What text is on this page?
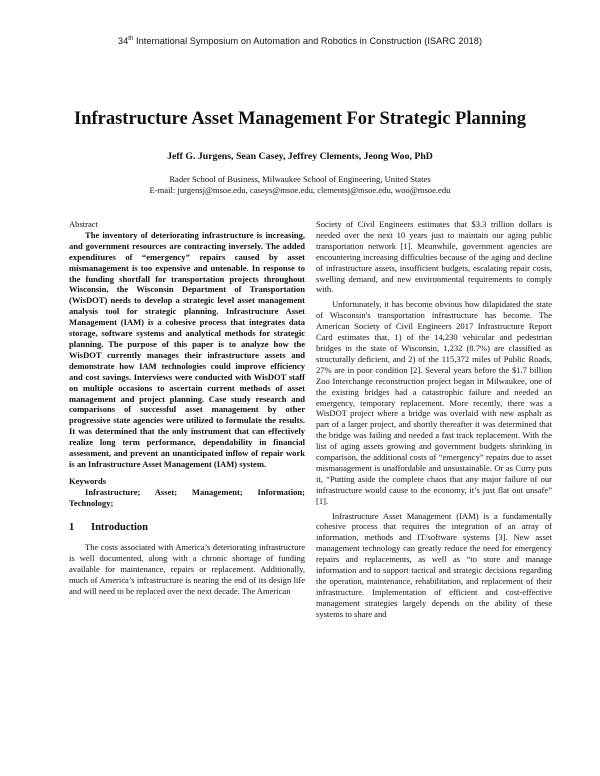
34th International Symposium on Automation and Robotics in Construction (ISARC 2018)
Infrastructure Asset Management For Strategic Planning
Jeff G. Jurgens, Sean Casey, Jeffrey Clements, Jeong Woo, PhD
Rader School of Business, Milwaukee School of Engineering, United States
E-mail: jurgensj@msoe.edu, caseys@msoe.edu, clementsj@msoe.edu, woo@msoe.edu
Abstract
The inventory of deteriorating infrastructure is increasing, and government resources are contracting inversely. The added expenditures of “emergency” repairs caused by asset mismanagement is too expensive and untenable. In response to the funding shortfall for transportation projects throughout Wisconsin, the Wisconsin Department of Transportation (WisDOT) needs to develop a strategic level asset management analysis tool for strategic planning. Infrastructure Asset Management (IAM) is a cohesive process that integrates data storage, software systems and analytical methods for strategic planning. The purpose of this paper is to analyze how the WisDOT currently manages their infrastructure assets and demonstrate how IAM technologies could improve efficiency and cost savings. Interviews were conducted with WisDOT staff on multiple occasions to ascertain current methods of asset management and project planning. Case study research and comparisons of successful asset management by other progressive state agencies were utilized to formulate the results. It was determined that the only instrument that can effectively realize long term performance, dependability in financial assessment, and prevent an unanticipated inflow of repair work is an Infrastructure Asset Management (IAM) system.
Keywords
Infrastructure; Asset; Management; Information; Technology;
1	Introduction
The costs associated with America’s deteriorating infrastructure is well documented, along with a chronic shortage of funding available for maintenance, repairs or replacement. Additionally, much of America’s infrastructure is nearing the end of its design life and will need to be replaced over the next decade. The American
Society of Civil Engineers estimates that $3.3 trillion dollars is needed over the next 10 years just to maintain our aging public transportation network [1]. Meanwhile, government agencies are encountering increasing difficulties because of the aging and decline of infrastructure assets, insufficient budgets, escalating repair costs, swelling demand, and new environmental requirements to comply with.
Unfortunately, it has become obvious how dilapidated the state of Wisconsin's transportation infrastructure has become. The American Society of Civil Engineers 2017 Infrastructure Report Card estimates that, 1) of the 14,230 vehicular and pedestrian bridges in the state of Wisconsin, 1,232 (8.7%) are classified as structurally deficient, and 2) of the 115,372 miles of Public Roads, 27% are in poor condition [2]. Several years before the $1.7 billion Zoo Interchange reconstruction project began in Milwaukee, one of the existing bridges had a catastrophic failure and needed an emergency, temporary replacement. More recently, there was a WisDOT project where a bridge was overlaid with new asphalt as part of a larger project, and shortly thereafter it was determined that the bridge was failing and needed a fast track replacement. With the list of aging assets growing and government budgets shrinking in comparison, the additional costs of “emergency” repairs due to asset mismanagement is unaffordable and unsustainable. Or as Curry puts it, “Putting aside the complete chaos that any major failure of our infrastructure would cause to the economy, it’s just flat out unsafe” [1].
Infrastructure Asset Management (IAM) is a fundamentally cohesive process that requires the integration of an array of information, methods and IT/software systems [3]. New asset management technology can greatly reduce the need for emergency repairs and replacements, as well as “to store and manage information and to support tactical and strategic decisions regarding the operation, maintenance, rehabilitation, and replacement of their infrastructure. Implementation of efficient and cost-effective management strategies largely depends on the ability of these systems to share and
